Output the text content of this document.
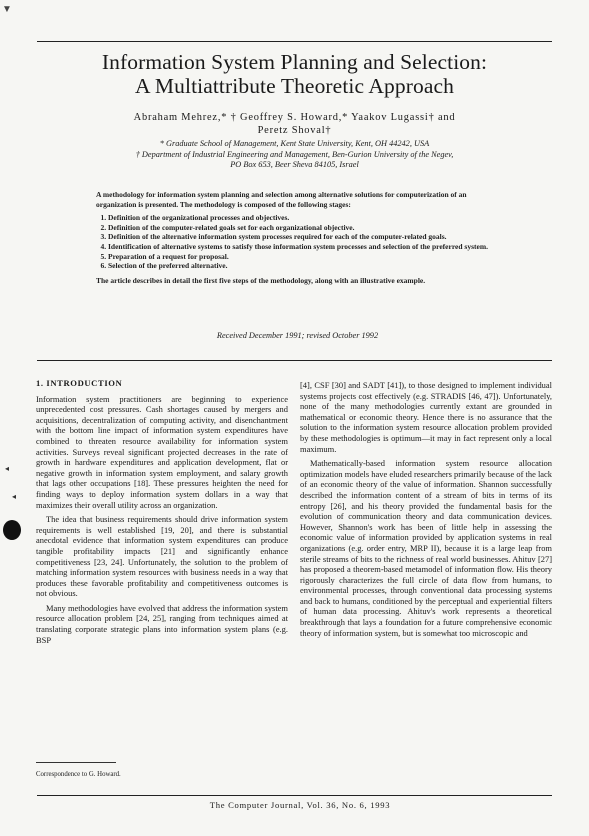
▼
Information System Planning and Selection:
A Multiattribute Theoretic Approach
Abraham Mehrez,* † Geoffrey S. Howard,* Yaakov Lugassi† and
Peretz Shoval†
* Graduate School of Management, Kent State University, Kent, OH 44242, USA
† Department of Industrial Engineering and Management, Ben-Gurion University of the Negev,
PO Box 653, Beer Sheva 84105, Israel

A methodology for information system planning and selection among alternative solutions for computerization of an organization is presented. The methodology is composed of the following stages:

1. Definition of the organizational processes and objectives.
2. Definition of the computer-related goals set for each organizational objective.
3. Definition of the alternative information system processes required for each of the computer-related goals.
4. Identification of alternative systems to satisfy those information system processes and selection of the preferred system.
5. Preparation of a request for proposal.
6. Selection of the preferred alternative.

The article describes in detail the first five steps of the methodology, along with an illustrative example.

Received December 1991; revised October 1992
1. INTRODUCTION

Information system practitioners are beginning to experience unprecedented cost pressures. Cash shortages caused by mergers and acquisitions, decentralization of computing activity, and disenchantment with the bottom line impact of information system expenditures have combined to threaten resource availability for information system activities. Surveys reveal significant projected decreases in the rate of growth in hardware expenditures and application development, flat or negative growth in information system employment, and salary growth that lags other occupations [18]. These pressures heighten the need for finding ways to deploy information system dollars in a way that maximizes their overall utility across an organization.

The idea that business requirements should drive information system requirements is well established [19, 20], and there is substantial anecdotal evidence that information system expenditures can produce tangible profitability impacts [21] and significantly enhance competitiveness [23, 24]. Unfortunately, the solution to the problem of matching information system resources with business needs in a way that produces these favorable profitability and competitiveness outcomes is not obvious.

Many methodologies have evolved that address the information system resource allocation problem [24, 25], ranging from techniques aimed at translating corporate strategic plans into information system plans (e.g. BSP

[4], CSF [30] and SADT [41]), to those designed to implement individual systems projects cost effectively (e.g. STRADIS [46, 47]). Unfortunately, none of the many methodologies currently extant are grounded in mathematical or economic theory. Hence there is no assurance that the solution to the information system resource allocation problem provided by these methodologies is optimum—it may in fact represent only a local maximum.

Mathematically-based information system resource allocation optimization models have eluded researchers primarily because of the lack of an economic theory of the value of information. Shannon successfully described the information content of a stream of bits in terms of its entropy [26], and his theory provided the fundamental basis for the evolution of communication theory and data communication devices. However, Shannon's work has been of little help in assessing the economic value of information provided by application systems in real organizations (e.g. order entry, MRP II), because it is a large leap from sterile streams of bits to the richness of real world businesses. Ahituv [27] has proposed a theorem-based metamodel of information flow. His theory rigorously characterizes the full circle of data flow from humans, to environmental processes, through conventional data processing systems and back to humans, conditioned by the perceptual and experiential filters of human data processing. Ahituv's work represents a theoretical breakthrough that lays a foundation for a future comprehensive economic theory of information system, but is somewhat too microscopic and

Correspondence to G. Howard.
The Computer Journal, Vol. 36, No. 6, 1993
◂
◂
